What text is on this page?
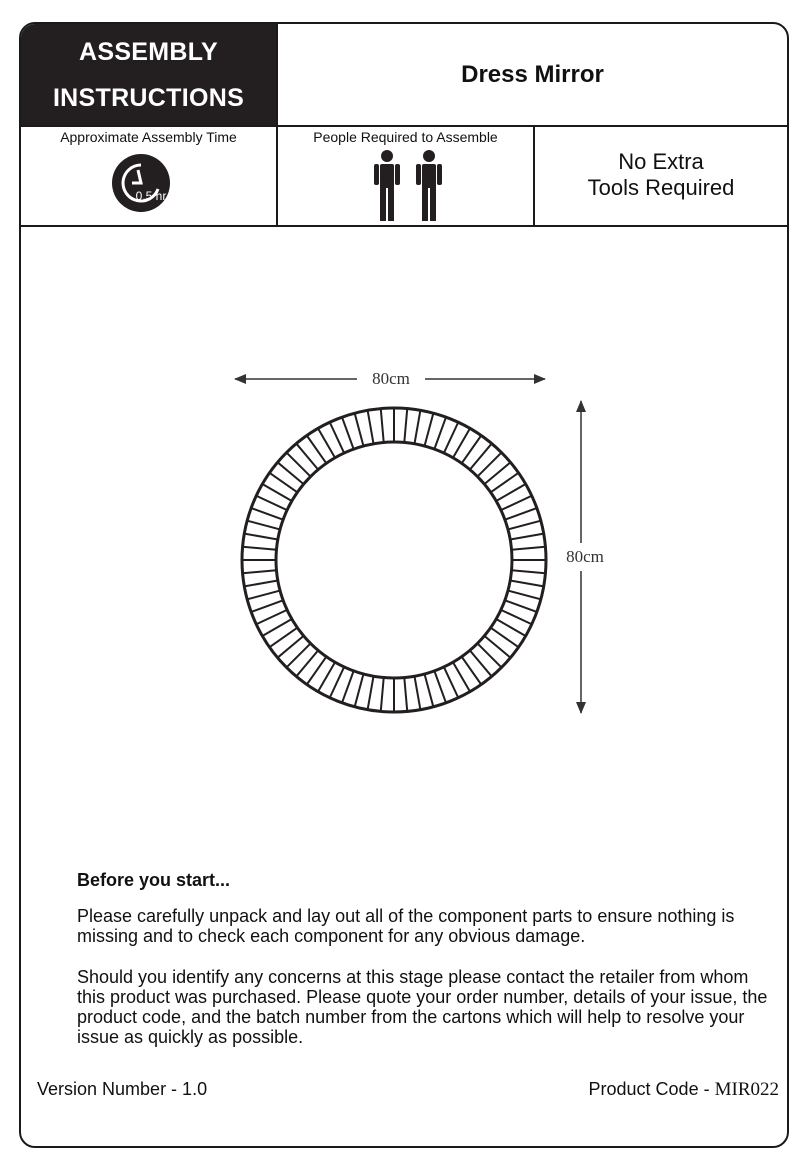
ASSEMBLY
INSTRUCTIONS
Dress Mirror
Approximate Assembly Time
0.5 hr
People Required to Assemble
No Extra
Tools Required
80cm
80cm

Before you start...

Please carefully unpack and lay out all of the component parts to ensure nothing is missing and to check each component for any obvious damage.

Should you identify any concerns at this stage please contact the retailer from whom this product was purchased. Please quote your order number, details of your issue, the product code, and the batch number from the cartons which will help to resolve your issue as quickly as possible.

Version Number - 1.0	Product Code - MIR022
